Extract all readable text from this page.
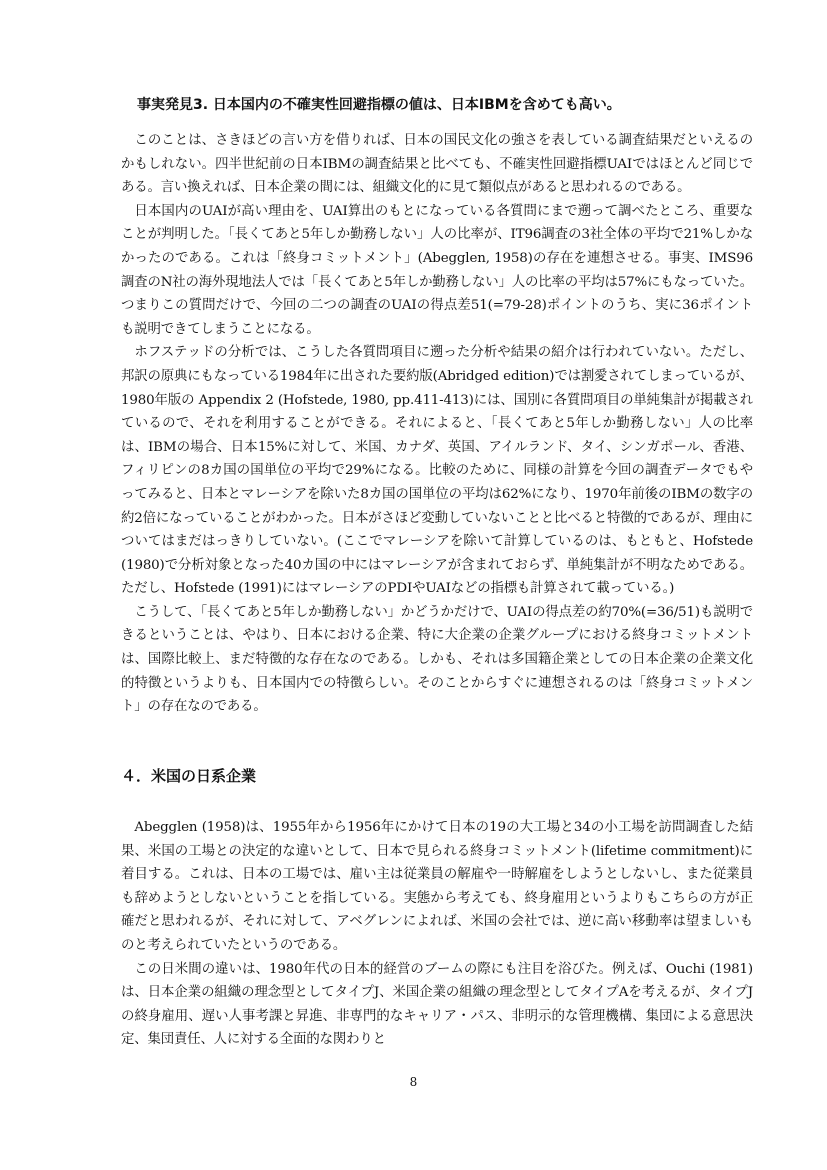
事実発見3. 日本国内の不確実性回避指標の値は、日本IBMを含めても高い。

このことは、さきほどの言い方を借りれば、日本の国民文化の強さを表している調査結果だといえるのかもしれない。四半世紀前の日本IBMの調査結果と比べても、不確実性回避指標UAIではほとんど同じである。言い換えれば、日本企業の間には、組織文化的に見て類似点があると思われるのである。

日本国内のUAIが高い理由を、UAI算出のもとになっている各質問にまで遡って調べたところ、重要なことが判明した。「長くてあと5年しか勤務しない」人の比率が、IT96調査の3社全体の平均で21%しかなかったのである。これは「終身コミットメント」(Abegglen, 1958)の存在を連想させる。事実、IMS96調査のN社の海外現地法人では「長くてあと5年しか勤務しない」人の比率の平均は57%にもなっていた。つまりこの質問だけで、今回の二つの調査のUAIの得点差51(=79-28)ポイントのうち、実に36ポイントも説明できてしまうことになる。

ホフステッドの分析では、こうした各質問項目に遡った分析や結果の紹介は行われていない。ただし、邦訳の原典にもなっている1984年に出された要約版(Abridged edition)では割愛されてしまっているが、1980年版の Appendix 2 (Hofstede, 1980, pp.411-413)には、国別に各質問項目の単純集計が掲載されているので、それを利用することができる。それによると、「長くてあと5年しか勤務しない」人の比率は、IBMの場合、日本15%に対して、米国、カナダ、英国、アイルランド、タイ、シンガポール、香港、フィリピンの8カ国の国単位の平均で29%になる。比較のために、同様の計算を今回の調査データでもやってみると、日本とマレーシアを除いた8カ国の国単位の平均は62%になり、1970年前後のIBMの数字の約2倍になっていることがわかった。日本がさほど変動していないことと比べると特徴的であるが、理由についてはまだはっきりしていない。(ここでマレーシアを除いて計算しているのは、もともと、Hofstede (1980)で分析対象となった40カ国の中にはマレーシアが含まれておらず、単純集計が不明なためである。ただし、Hofstede (1991)にはマレーシアのPDIやUAIなどの指標も計算されて載っている。)

こうして、「長くてあと5年しか勤務しない」かどうかだけで、UAIの得点差の約70%(=36/51)も説明できるということは、やはり、日本における企業、特に大企業の企業グループにおける終身コミットメントは、国際比較上、まだ特徴的な存在なのである。しかも、それは多国籍企業としての日本企業の企業文化的特徴というよりも、日本国内での特徴らしい。そのことからすぐに連想されるのは「終身コミットメント」の存在なのである。

４．米国の日系企業

Abegglen (1958)は、1955年から1956年にかけて日本の19の大工場と34の小工場を訪問調査した結果、米国の工場との決定的な違いとして、日本で見られる終身コミットメント(lifetime commitment)に着目する。これは、日本の工場では、雇い主は従業員の解雇や一時解雇をしようとしないし、また従業員も辞めようとしないということを指している。実態から考えても、終身雇用というよりもこちらの方が正確だと思われるが、それに対して、アベグレンによれば、米国の会社では、逆に高い移動率は望ましいものと考えられていたというのである。

この日米間の違いは、1980年代の日本的経営のブームの際にも注目を浴びた。例えば、Ouchi (1981)は、日本企業の組織の理念型としてタイプJ、米国企業の組織の理念型としてタイプAを考えるが、タイプJの終身雇用、遅い人事考課と昇進、非専門的なキャリア・パス、非明示的な管理機構、集団による意思決定、集団責任、人に対する全面的な関わりと

8
